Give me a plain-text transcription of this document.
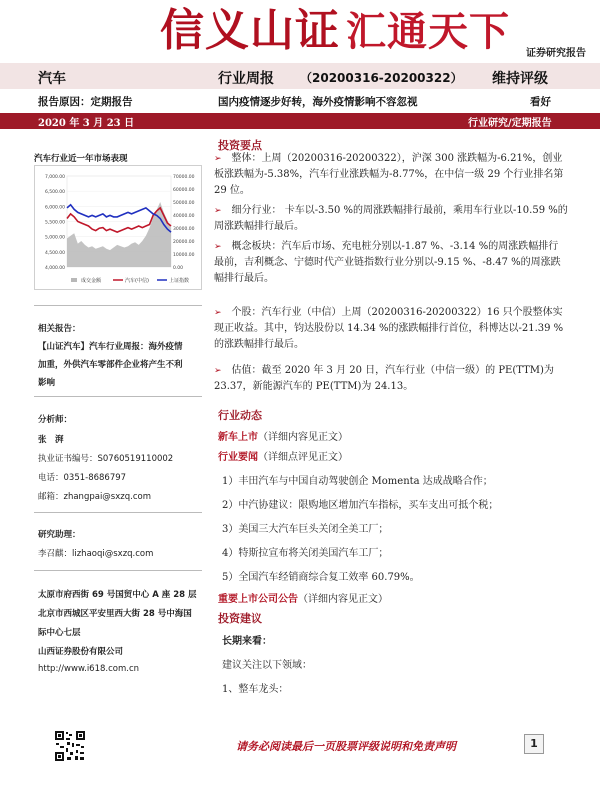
信义山证 汇通天下 证券研究报告
汽车	行业周报 （20200316-20200322） 维持评级
报告原因：定期报告	国内疫情逐步好转，海外疫情影响不容忽视	看好
2020 年 3 月 23 日	行业研究/定期报告
汽车行业近一年市场表现
7,000.00
6,500.00
6,000.00
5,500.00
5,000.00
4,500.00
4,000.00
70000.00
60000.00
50000.00
40000.00
30000.00
20000.00
10000.00
0.00
成交金额	汽车(中信)	上证指数
相关报告：
【山证汽车】汽车行业周报：海外疫情
加重，外供汽车零部件企业将产生不利
影响
分析师：
张　湃
执业证书编号：S0760519110002
电话：0351-8686797
邮箱：zhangpai@sxzq.com
研究助理：
李召麒：lizhaoqi@sxzq.com
太原市府西街 69 号国贸中心 A 座 28 层
北京市西城区平安里西大街 28 号中海国
际中心七层
山西证券股份有限公司
http://www.i618.com.cn
投资要点
➢ 整体：上周（20200316-20200322），沪深 300 涨跌幅为-6.21%，创业板涨跌幅为-5.38%，汽车行业涨跌幅为-8.77%，在中信一级 29 个行业排名第 29 位。
➢ 细分行业： 卡车以-3.50 %的周涨跌幅排行最前，乘用车行业以-10.59 %的周涨跌幅排行最后。
➢ 概念板块：汽车后市场、充电桩分别以-1.87 %、-3.14 %的周涨跌幅排行最前，吉利概念、宁德时代产业链指数行业分别以-9.15 %、-8.47 %的周涨跌幅排行最后。
➢ 个股：汽车行业（中信）上周（20200316-20200322）16 只个股整体实现正收益。其中，钧达股份以 14.34 %的涨跌幅排行首位，科博达以-21.39 %的涨跌幅排行最后。
➢ 估值：截至 2020 年 3 月 20 日，汽车行业（中信一级）的 PE(TTM)为 23.37，新能源汽车的 PE(TTM)为 24.13。
行业动态
新车上市（详细内容见正文）
行业要闻（详细点评见正文）
1）丰田汽车与中国自动驾驶创企 Momenta 达成战略合作；
2）中汽协建议：限购地区增加汽车指标，买车支出可抵个税；
3）美国三大汽车巨头关闭全美工厂；
4）特斯拉宣布将关闭美国汽车工厂；
5）全国汽车经销商综合复工效率 60.79%。
重要上市公司公告（详细内容见正文）
投资建议
长期来看：
建议关注以下领域：
1、整车龙头：
请务必阅读最后一页股票评级说明和免责声明	1
